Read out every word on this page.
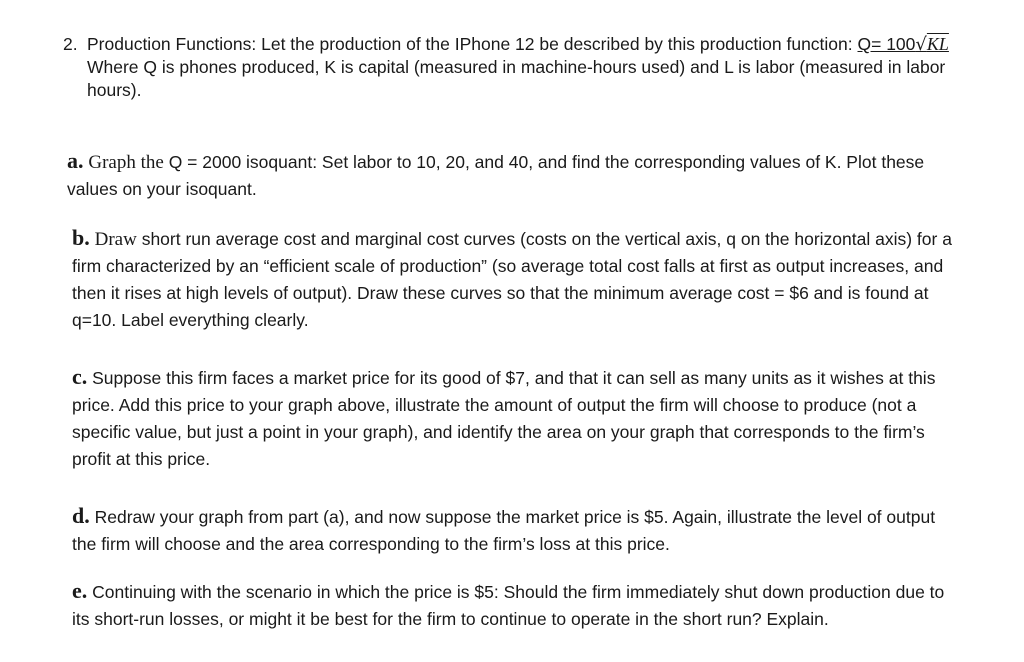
2. Production Functions: Let the production of the IPhone 12 be described by this production function: Q= 100√KL Where Q is phones produced, K is capital (measured in machine-hours used) and L is labor (measured in labor hours).
a. Graph the Q = 2000 isoquant: Set labor to 10, 20, and 40, and find the corresponding values of K. Plot these values on your isoquant.
b. Draw short run average cost and marginal cost curves (costs on the vertical axis, q on the horizontal axis) for a firm characterized by an “efficient scale of production” (so average total cost falls at first as output increases, and then it rises at high levels of output). Draw these curves so that the minimum average cost = $6 and is found at q=10. Label everything clearly.
c. Suppose this firm faces a market price for its good of $7, and that it can sell as many units as it wishes at this price. Add this price to your graph above, illustrate the amount of output the firm will choose to produce (not a specific value, but just a point in your graph), and identify the area on your graph that corresponds to the firm’s profit at this price.
d. Redraw your graph from part (a), and now suppose the market price is $5. Again, illustrate the level of output the firm will choose and the area corresponding to the firm’s loss at this price.
e. Continuing with the scenario in which the price is $5: Should the firm immediately shut down production due to its short-run losses, or might it be best for the firm to continue to operate in the short run? Explain.
